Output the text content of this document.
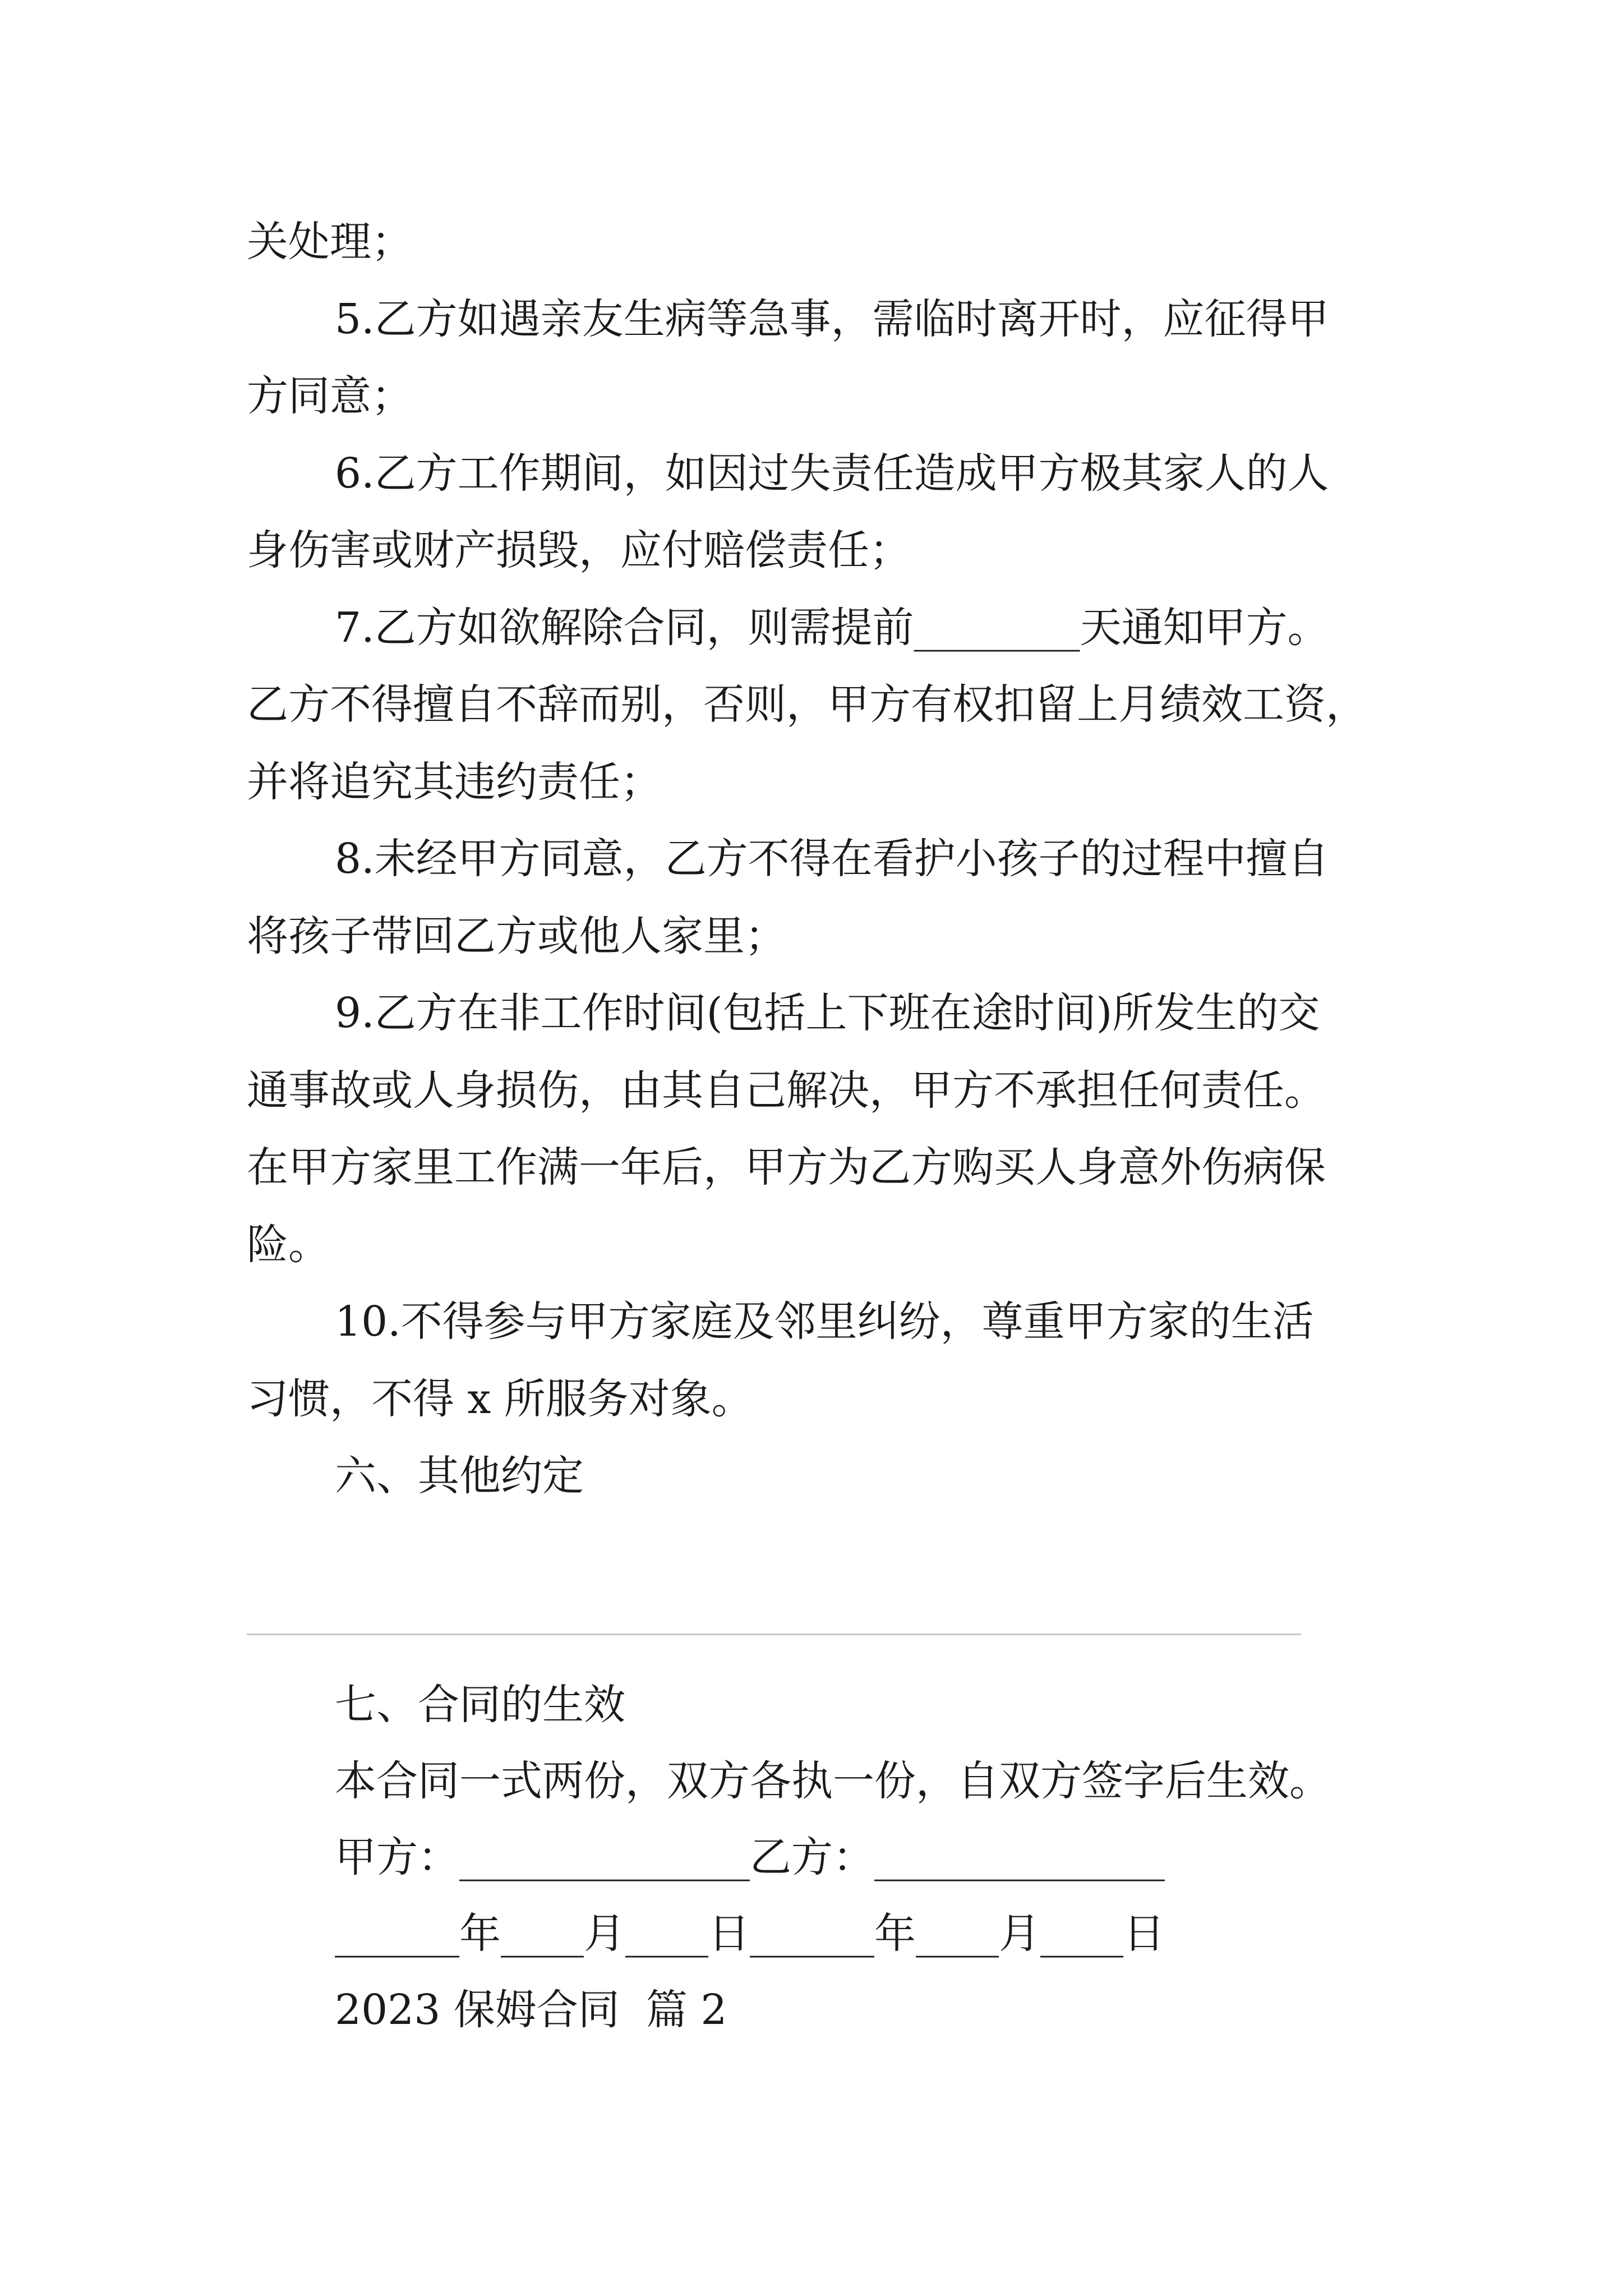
关处理；
5.乙方如遇亲友生病等急事，需临时离开时，应征得甲
方同意；
6.乙方工作期间，如因过失责任造成甲方极其家人的人
身伤害或财产损毁，应付赔偿责任；
7.乙方如欲解除合同，则需提前________天通知甲方。
乙方不得擅自不辞而别，否则，甲方有权扣留上月绩效工资，
并将追究其违约责任；
8.未经甲方同意，乙方不得在看护小孩子的过程中擅自
将孩子带回乙方或他人家里；
9.乙方在非工作时间(包括上下班在途时间)所发生的交
通事故或人身损伤，由其自己解决，甲方不承担任何责任。
在甲方家里工作满一年后，甲方为乙方购买人身意外伤病保
险。
10.不得参与甲方家庭及邻里纠纷，尊重甲方家的生活
习惯，不得 x 所服务对象。
六、其他约定
七、合同的生效
本合同一式两份，双方各执一份，自双方签字后生效。
甲方：______________乙方：______________
______年____月____日______年____月____日
2023 保姆合同  篇 2
